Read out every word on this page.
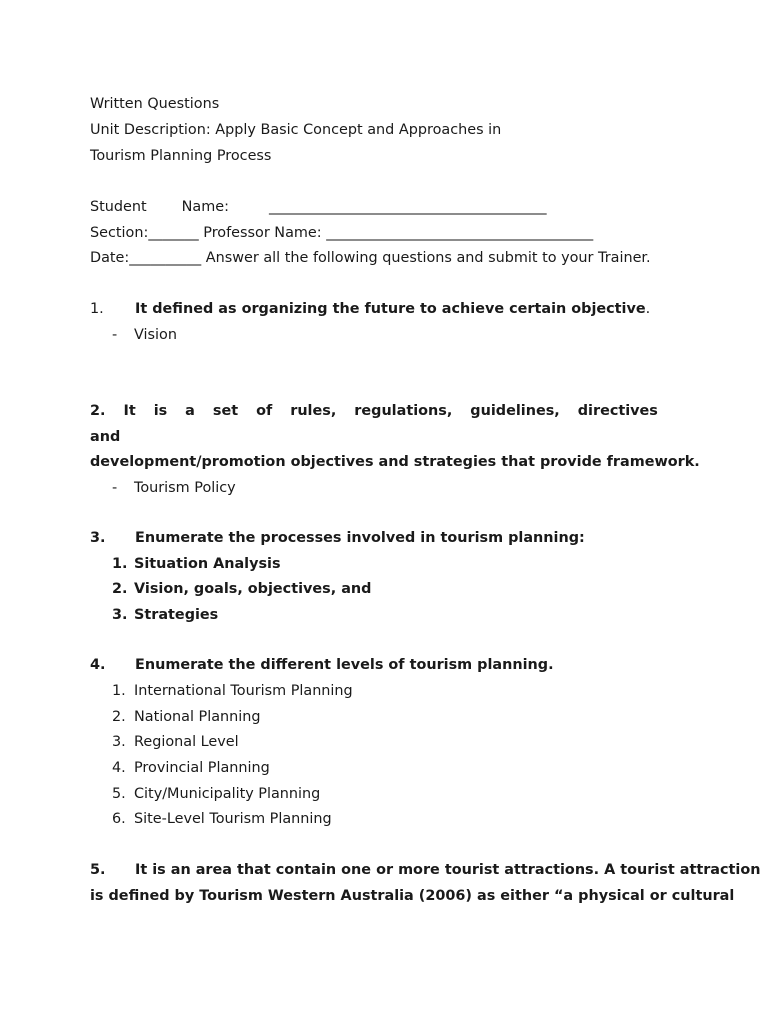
Written Questions
Unit Description: Apply Basic Concept and Approaches in
Tourism Planning Process
Student Name:	__________________________________________
Section:_______ Professor Name: _________________________________________
Date:__________ Answer all the following questions and submit to your Trainer.
1. It defined as organizing the future to achieve certain objective.
- Vision
2. It is a set of rules, regulations, guidelines, directives
and
development/promotion objectives and strategies that provide framework.
- Tourism Policy
3. Enumerate the processes involved in tourism planning:
1. Situation Analysis
2. Vision, goals, objectives, and
3. Strategies
4. Enumerate the different levels of tourism planning.
1. International Tourism Planning
2. National Planning
3. Regional Level
4. Provincial Planning
5. City/Municipality Planning
6. Site-Level Tourism Planning
5. It is an area that contain one or more tourist attractions. A tourist attraction
is defined by Tourism Western Australia (2006) as either “a physical or cultural
